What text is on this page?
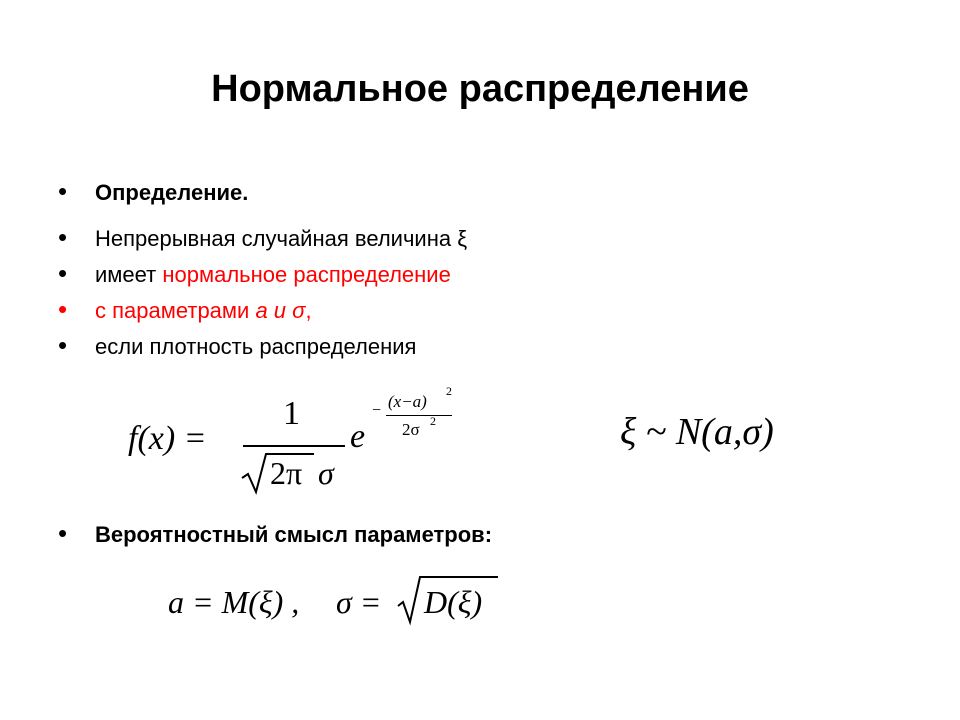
Нормальное распределение
• Определение.
• Непрерывная случайная величина ξ
• имеет нормальное распределение
• с параметрами a и σ,
• если плотность распределения
• Вероятностный смысл параметров:
f(x) =
1
2π σ
e
− (x−a)
2
2σ 2	ξ ~ N(a,σ)
a = M(ξ) , σ = D(ξ)
